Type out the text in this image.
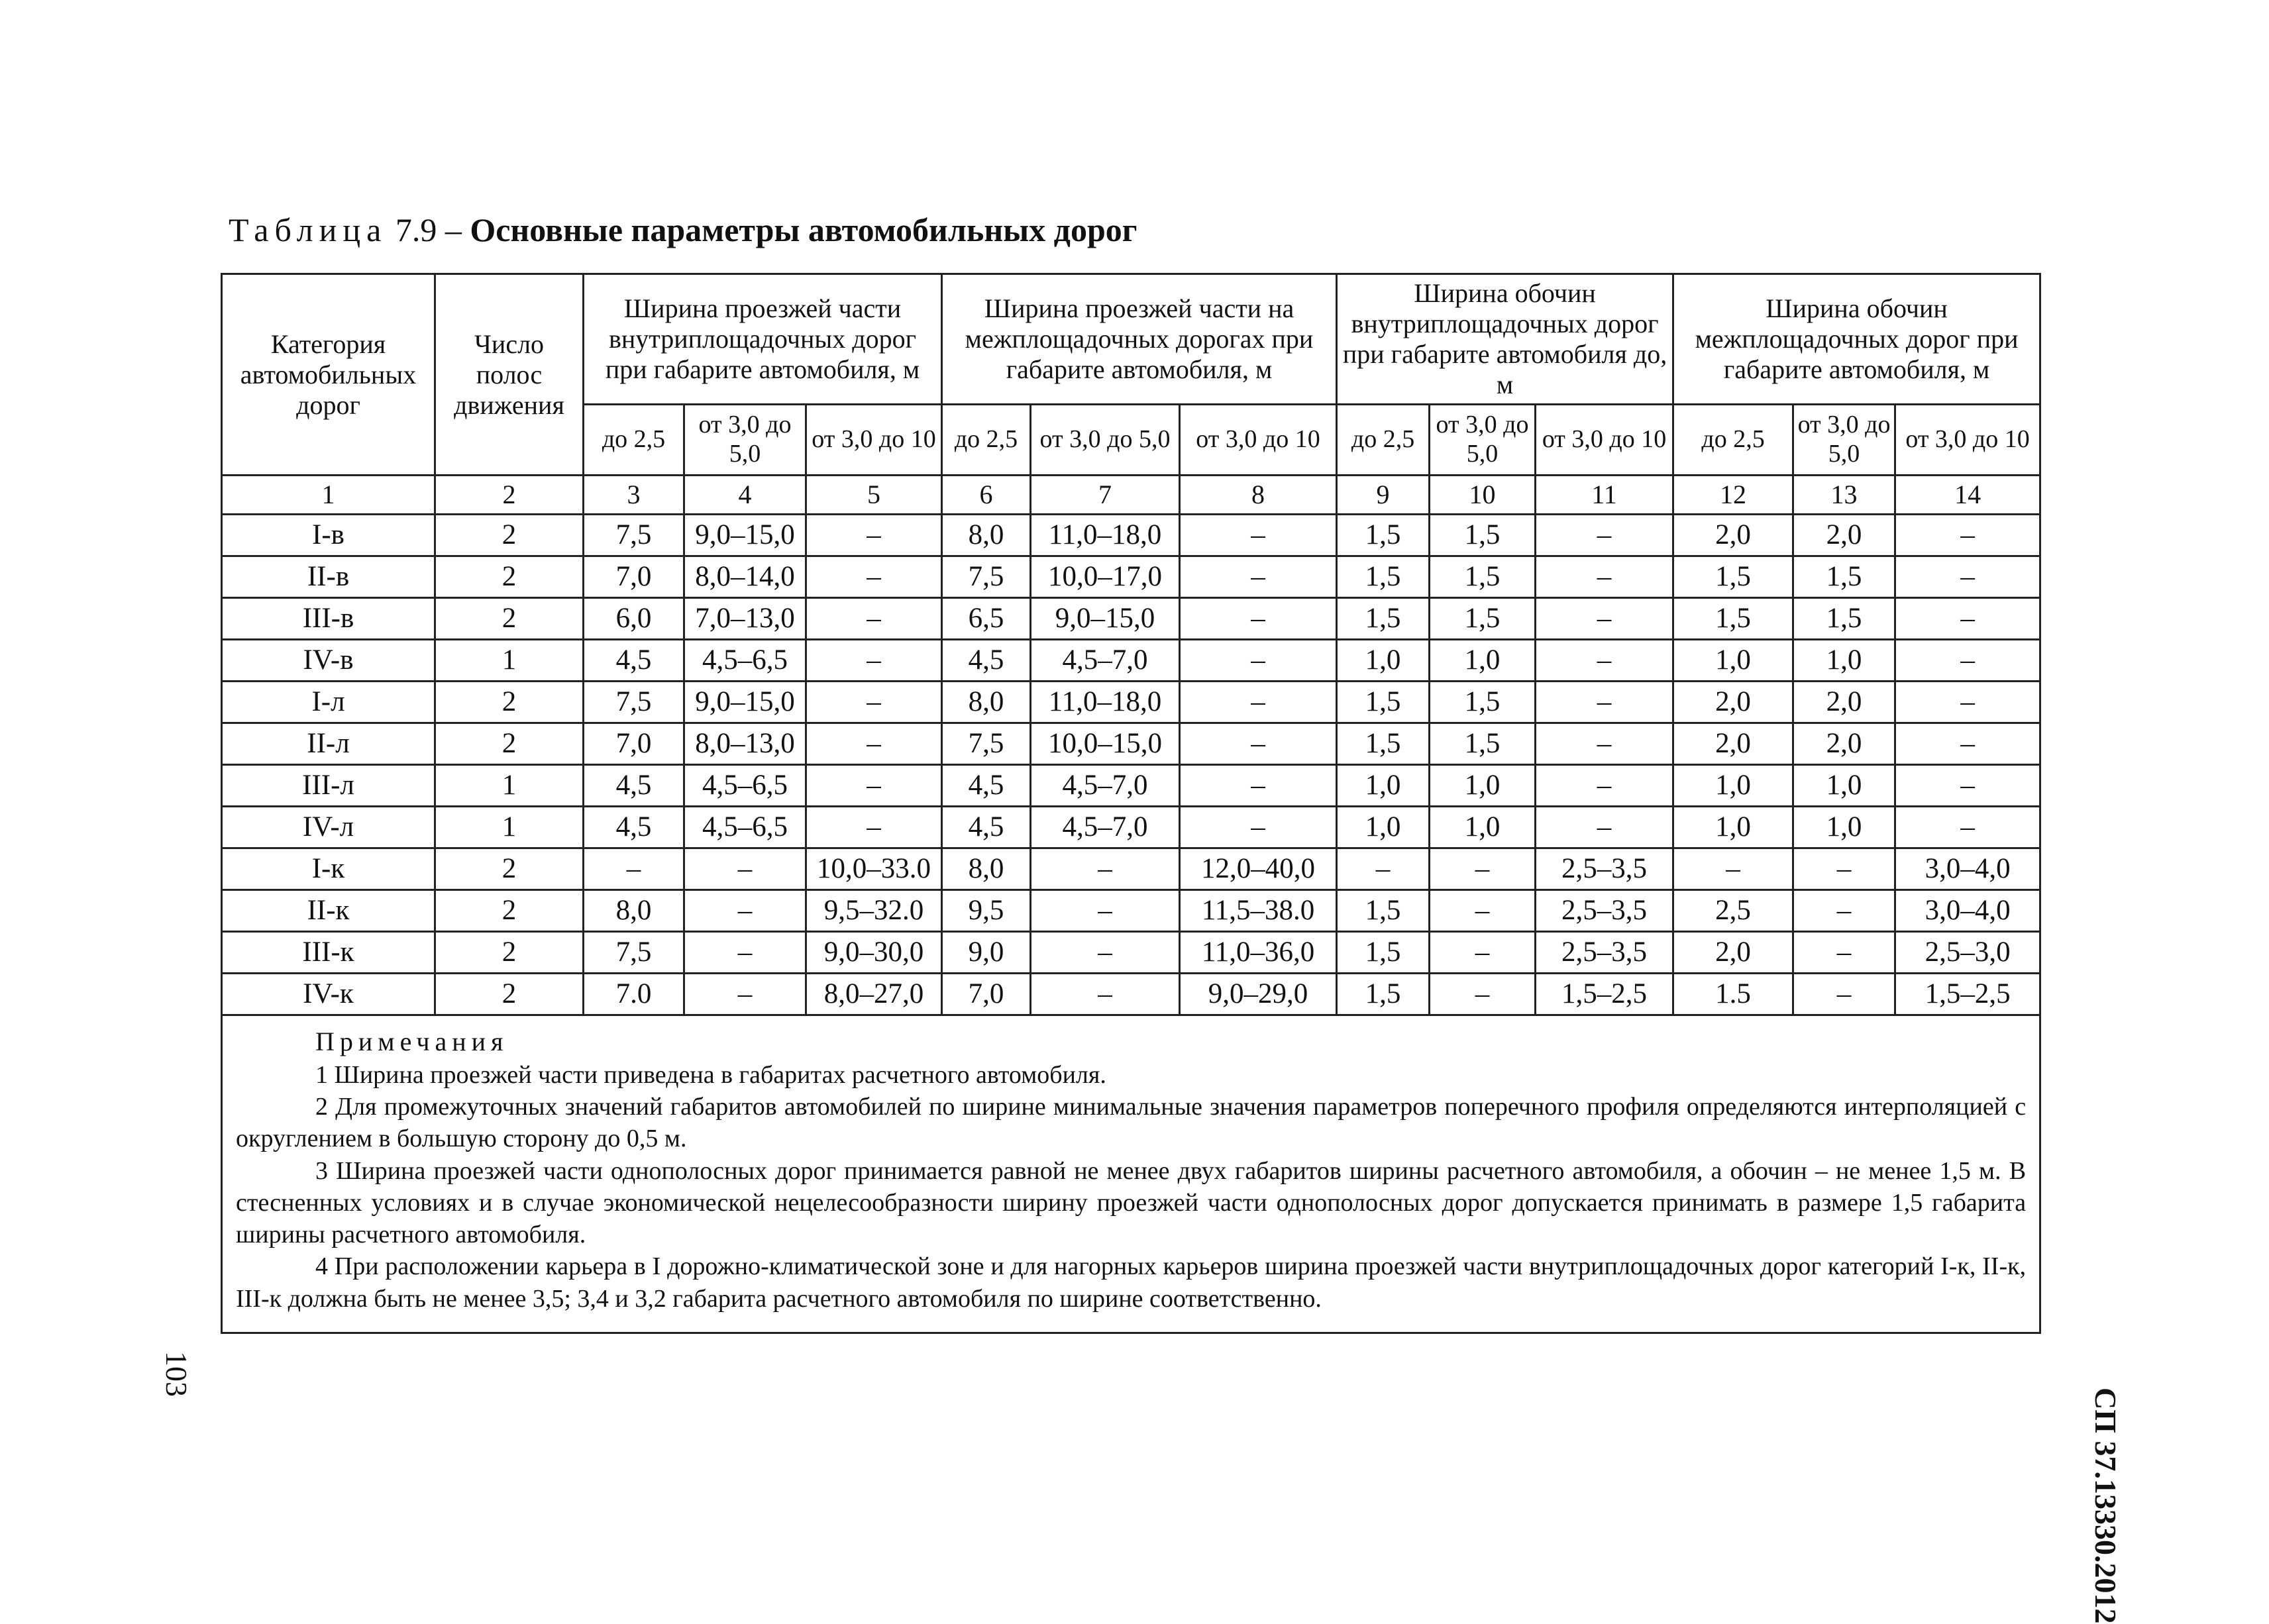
Таблица 7.9 – Основные параметры автомобильных дорог
Категория автомобильных дорог	Число полос движения	Ширина проезжей части внутриплощадочных дорог при габарите автомобиля, м			Ширина проезжей части на межплощадочных дорогах при габарите автомобиля, м			Ширина обочин внутриплощадочных дорог при габарите автомобиля до, м			Ширина обочин межплощадочных дорог при габарите автомобиля, м		
		до 2,5	от 3,0 до 5,0	от 3,0 до 10	до 2,5	от 3,0 до 5,0	от 3,0 до 10	до 2,5	от 3,0 до 5,0	от 3,0 до 10	до 2,5	от 3,0 до 5,0	от 3,0 до 10
1	2	3	4	5	6	7	8	9	10	11	12	13	14
I-в	2	7,5	9,0–15,0	–	8,0	11,0–18,0	–	1,5	1,5	–	2,0	2,0	–
II-в	2	7,0	8,0–14,0	–	7,5	10,0–17,0	–	1,5	1,5	–	1,5	1,5	–
III-в	2	6,0	7,0–13,0	–	6,5	9,0–15,0	–	1,5	1,5	–	1,5	1,5	–
IV-в	1	4,5	4,5–6,5	–	4,5	4,5–7,0	–	1,0	1,0	–	1,0	1,0	–
I-л	2	7,5	9,0–15,0	–	8,0	11,0–18,0	–	1,5	1,5	–	2,0	2,0	–
II-л	2	7,0	8,0–13,0	–	7,5	10,0–15,0	–	1,5	1,5	–	2,0	2,0	–
III-л	1	4,5	4,5–6,5	–	4,5	4,5–7,0	–	1,0	1,0	–	1,0	1,0	–
IV-л	1	4,5	4,5–6,5	–	4,5	4,5–7,0	–	1,0	1,0	–	1,0	1,0	–
I-к	2	–	–	10,0–33.0	8,0	–	12,0–40,0	–	–	2,5–3,5	–	–	3,0–4,0
II-к	2	8,0	–	9,5–32.0	9,5	–	11,5–38.0	1,5	–	2,5–3,5	2,5	–	3,0–4,0
III-к	2	7,5	–	9,0–30,0	9,0	–	11,0–36,0	1,5	–	2,5–3,5	2,0	–	2,5–3,0
IV-к	2	7.0	–	8,0–27,0	7,0	–	9,0–29,0	1,5	–	1,5–2,5	1.5	–	1,5–2,5

Примечания

1 Ширина проезжей части приведена в габаритах расчетного автомобиля.

2 Для промежуточных значений габаритов автомобилей по ширине минимальные значения параметров поперечного профиля определяются интерполяцией с округлением в большую сторону до 0,5 м.

3 Ширина проезжей части однополосных дорог принимается равной не менее двух габаритов ширины расчетного автомобиля, а обочин – не менее 1,5 м. В стесненных условиях и в случае экономической нецелесообразности ширину проезжей части однополосных дорог допускается принимать в размере 1,5 габарита ширины расчетного автомобиля.

4 При расположении карьера в I дорожно-климатической зоне и для нагорных карьеров ширина проезжей части внутриплощадочных дорог категорий I-к, II-к, III-к должна быть не менее 3,5; 3,4 и 3,2 габарита расчетного автомобиля по ширине соответственно.													

СП 37.13330.2012
103
